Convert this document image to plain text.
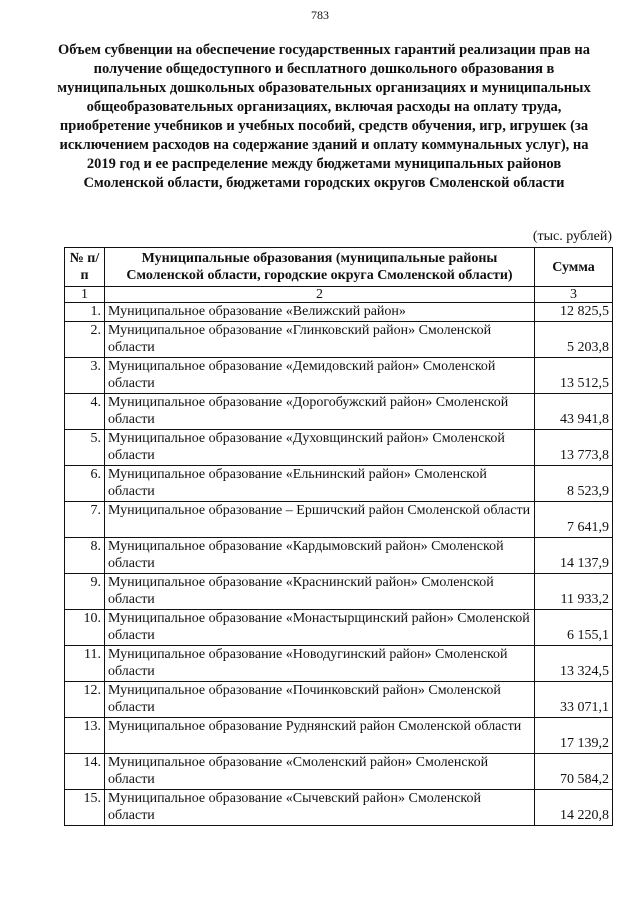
783
Объем субвенции на обеспечение государственных гарантий реализации прав на получение общедоступного и бесплатного дошкольного образования в муниципальных дошкольных образовательных организациях и муниципальных общеобразовательных организациях, включая расходы на оплату труда, приобретение учебников и учебных пособий, средств обучения, игр, игрушек (за исключением расходов на содержание зданий и оплату коммунальных услуг), на 2019 год и ее распределение между бюджетами муниципальных районов Смоленской области, бюджетами городских округов Смоленской области
(тыс. рублей)
№ п/п	Муниципальные образования (муниципальные районы Смоленской области, городские округа Смоленской области)	Сумма
1	2	3
1.	Муниципальное образование «Велижский район»	12 825,5
2.	Муниципальное образование «Глинковский район» Смоленской области	5 203,8
3.	Муниципальное образование «Демидовский район» Смоленской области	13 512,5
4.	Муниципальное образование «Дорогобужский район» Смоленской области	43 941,8
5.	Муниципальное образование «Духовщинский район» Смоленской области	13 773,8
6.	Муниципальное образование «Ельнинский район» Смоленской области	8 523,9
7.	Муниципальное образование – Ершичский район Смоленской области	7 641,9
8.	Муниципальное образование «Кардымовский район» Смоленской области	14 137,9
9.	Муниципальное образование «Краснинский район» Смоленской области	11 933,2
10.	Муниципальное образование «Монастырщинский район» Смоленской области	6 155,1
11.	Муниципальное образование «Новодугинский район» Смоленской области	13 324,5
12.	Муниципальное образование «Починковский район» Смоленской области	33 071,1
13.	Муниципальное образование Руднянский район Смоленской области	17 139,2
14.	Муниципальное образование «Смоленский район» Смоленской области	70 584,2
15.	Муниципальное образование «Сычевский район» Смоленской области	14 220,8
